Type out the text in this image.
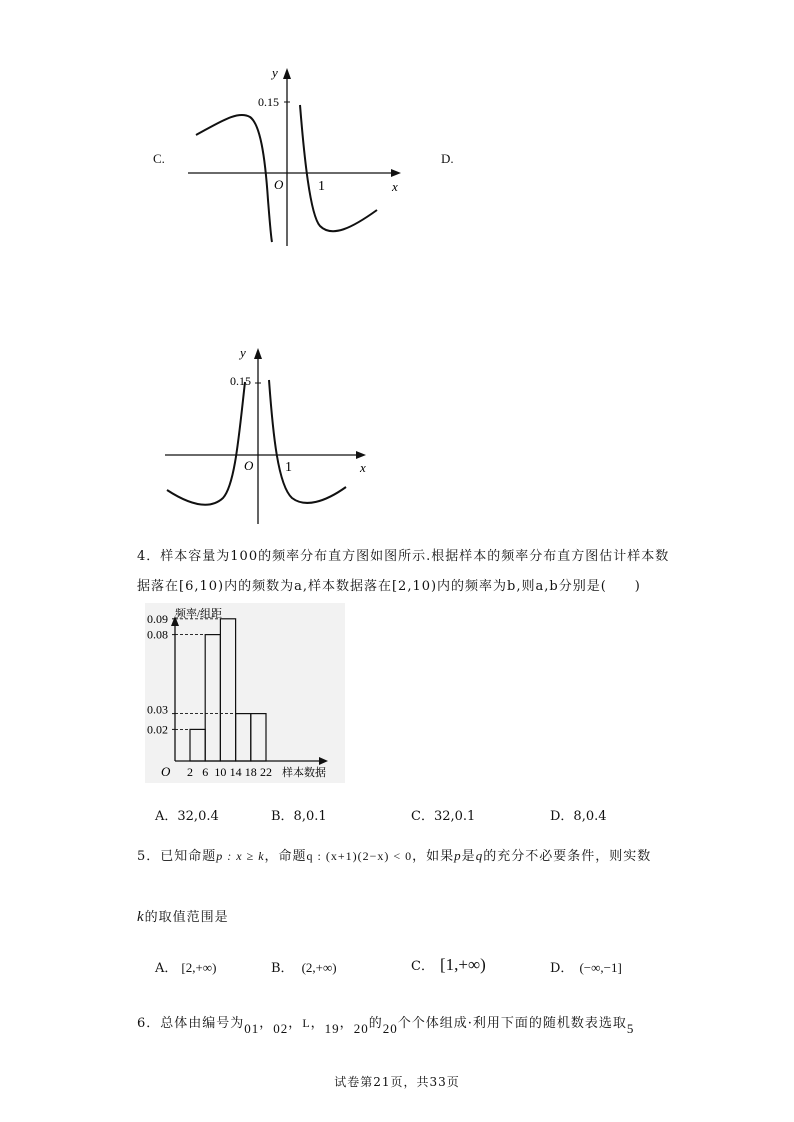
C.
y
x
O
0.15
1
D.
y
x
O
0.15
1
4．样本容量为100的频率分布直方图如图所示.根据样本的频率分布直方图估计样本数
据落在[6,10)内的频数为a,样本数据落在[2,10)内的频率为b,则a,b分别是(　　)
0.02
0.03
0.08
0.09
2 6 10 14 18 22
频率/组距
样本数据
O
A．32,0.4	B．8,0.1	C．32,0.1	D．8,0.4
5．已知命题p : x ≥ k，命题q : (x+1)(2−x) < 0，如果p是q的充分不必要条件，则实数
k的取值范围是
A． [2,+∞)	B． (2,+∞)	C． [1,+∞)	D． (−∞,−1]
6．总体由编号为01，02，L，19，20的20个个体组成·利用下面的随机数表选取5
试卷第21页，共33页
